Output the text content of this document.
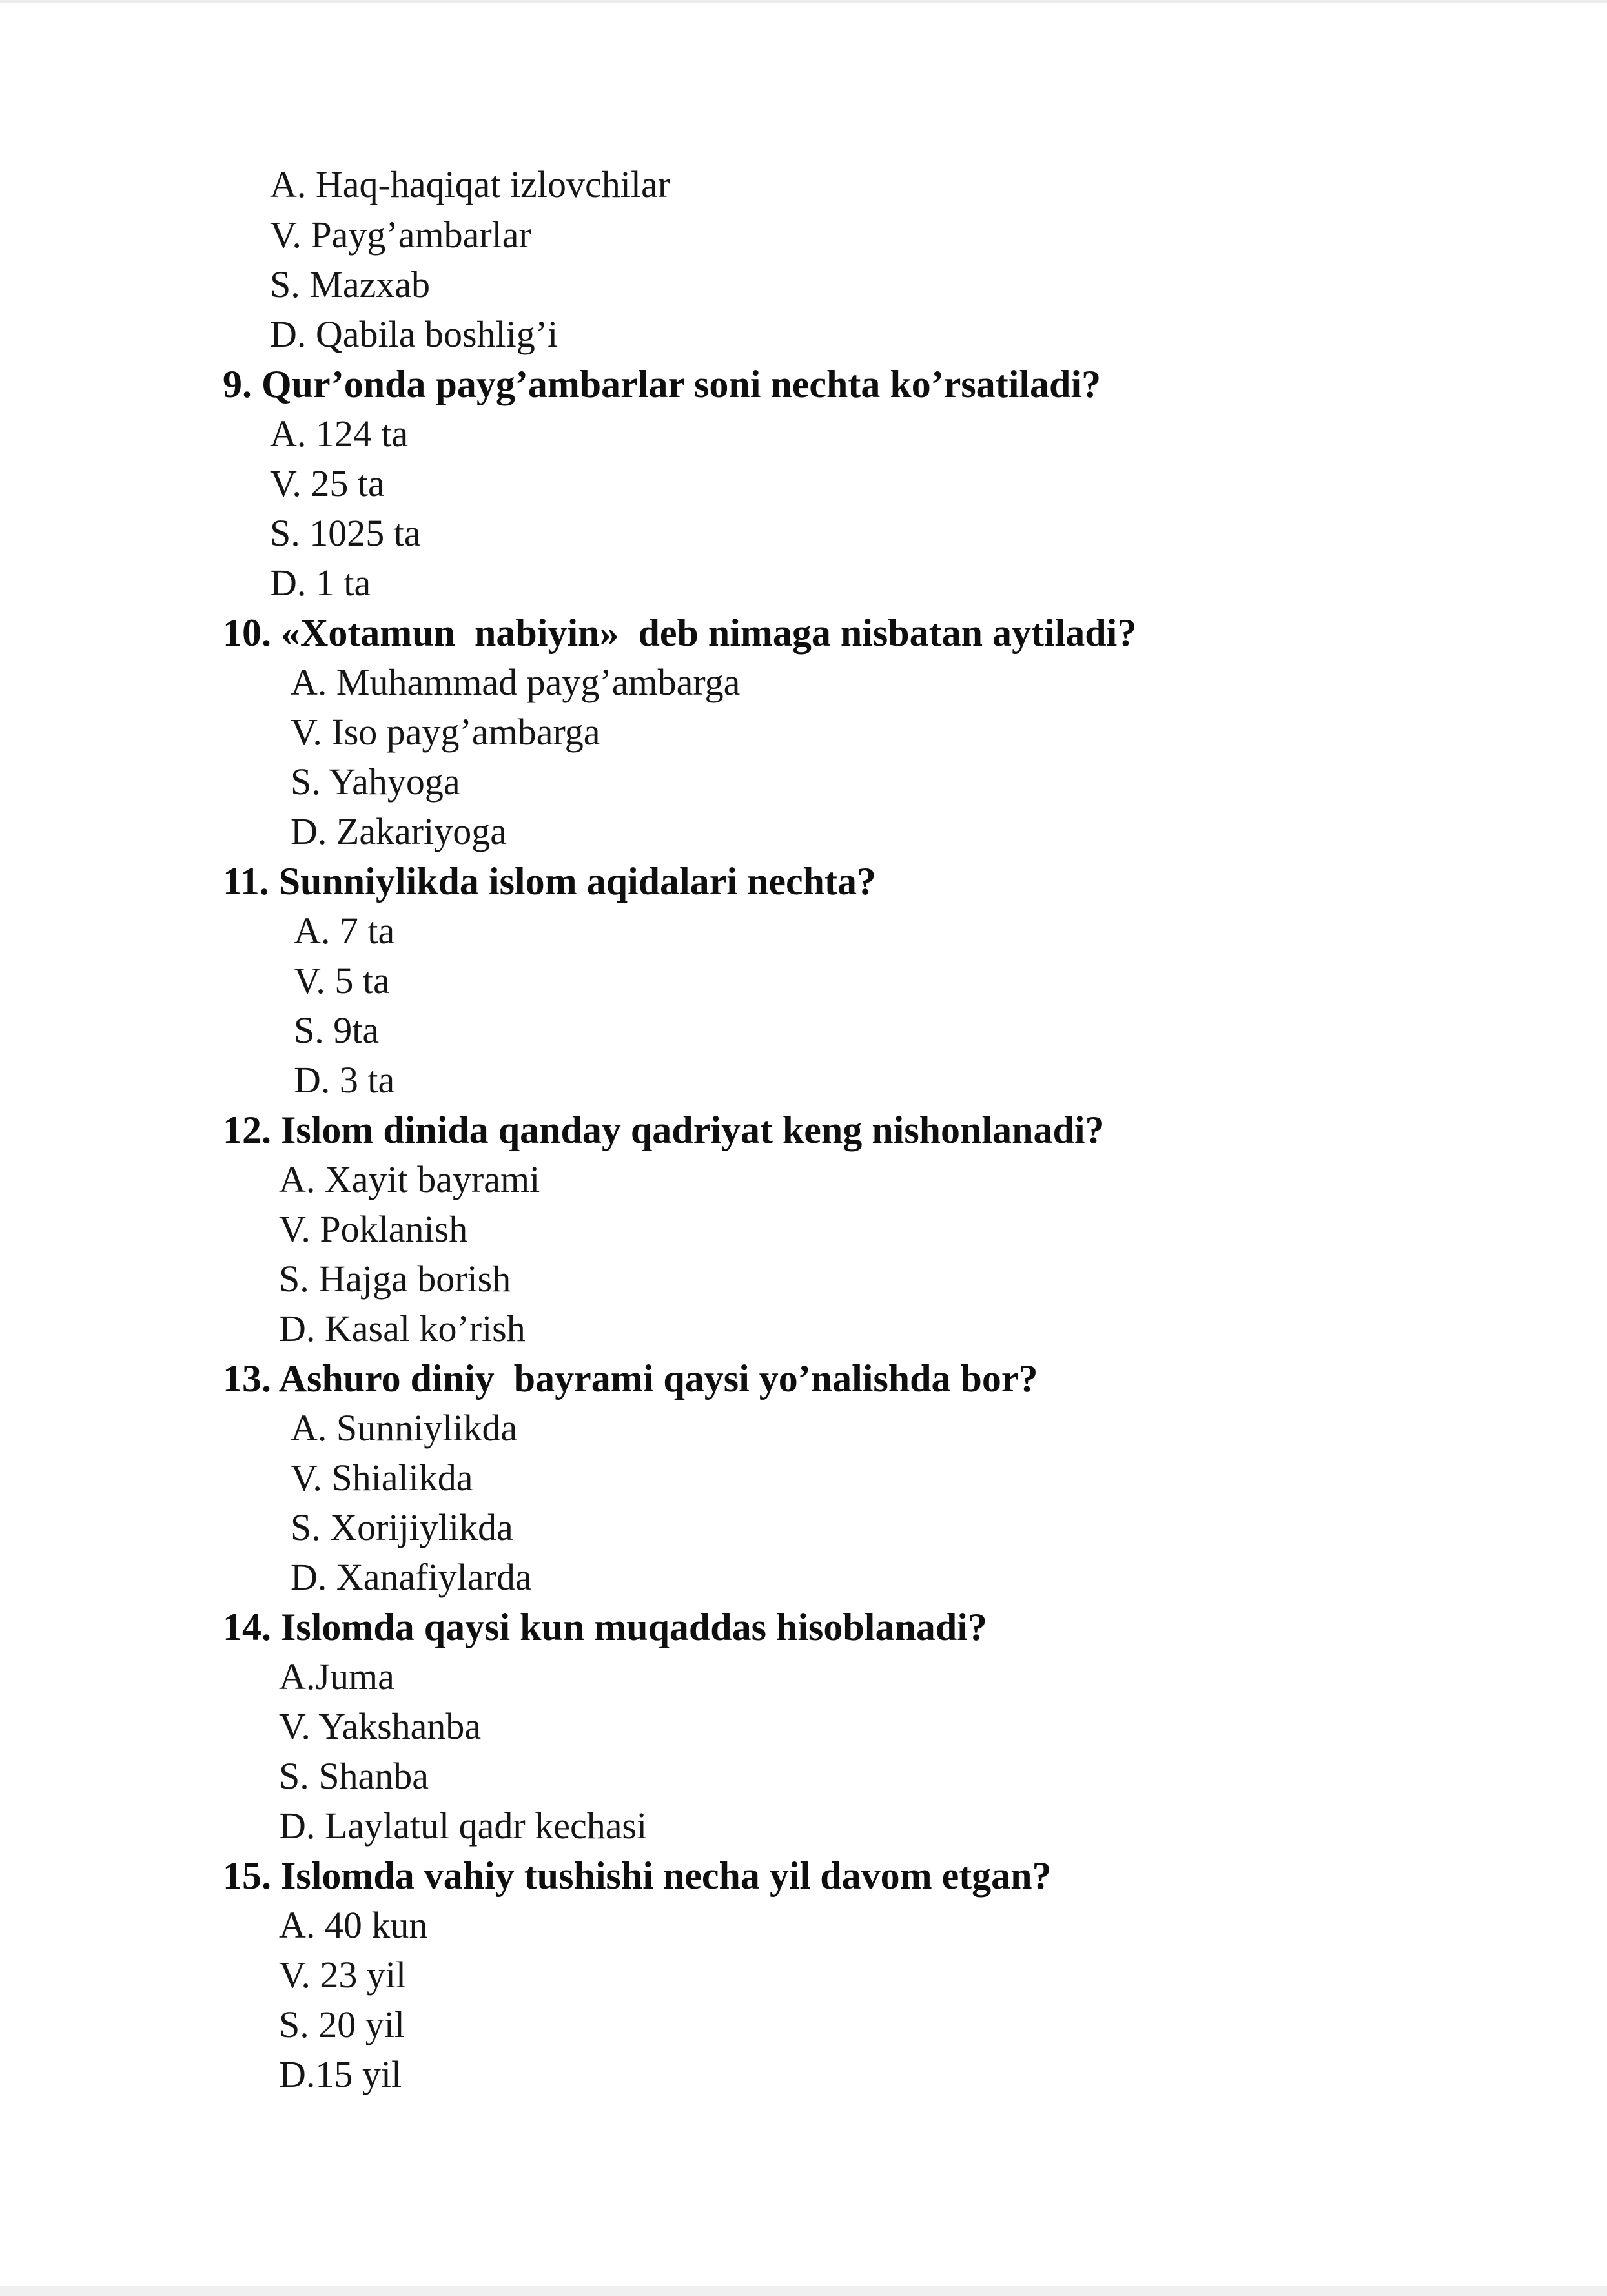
A. Haq-haqiqat izlovchilar
V. Payg’ambarlar
S. Mazxab
D. Qabila boshlig’i
9. Qur’onda payg’ambarlar soni nechta ko’rsatiladi?
A. 124 ta
V. 25 ta
S. 1025 ta
D. 1 ta
10. «Xotamun  nabiyin»  deb nimaga nisbatan aytiladi?
A. Muhammad payg’ambarga
V. Iso payg’ambarga
S. Yahyoga
D. Zakariyoga
11. Sunniylikda islom aqidalari nechta?
A. 7 ta
V. 5 ta
S. 9ta
D. 3 ta
12. Islom dinida qanday qadriyat keng nishonlanadi?
A. Xayit bayrami
V. Poklanish
S. Hajga borish
D. Kasal ko’rish
13. Ashuro diniy  bayrami qaysi yo’nalishda bor?
A. Sunniylikda
V. Shialikda
S. Xorijiylikda
D. Xanafiylarda
14. Islomda qaysi kun muqaddas hisoblanadi?
A.Juma
V. Yakshanba
S. Shanba
D. Laylatul qadr kechasi
15. Islomda vahiy tushishi necha yil davom etgan?
A. 40 kun
V. 23 yil
S. 20 yil
D.15 yil
